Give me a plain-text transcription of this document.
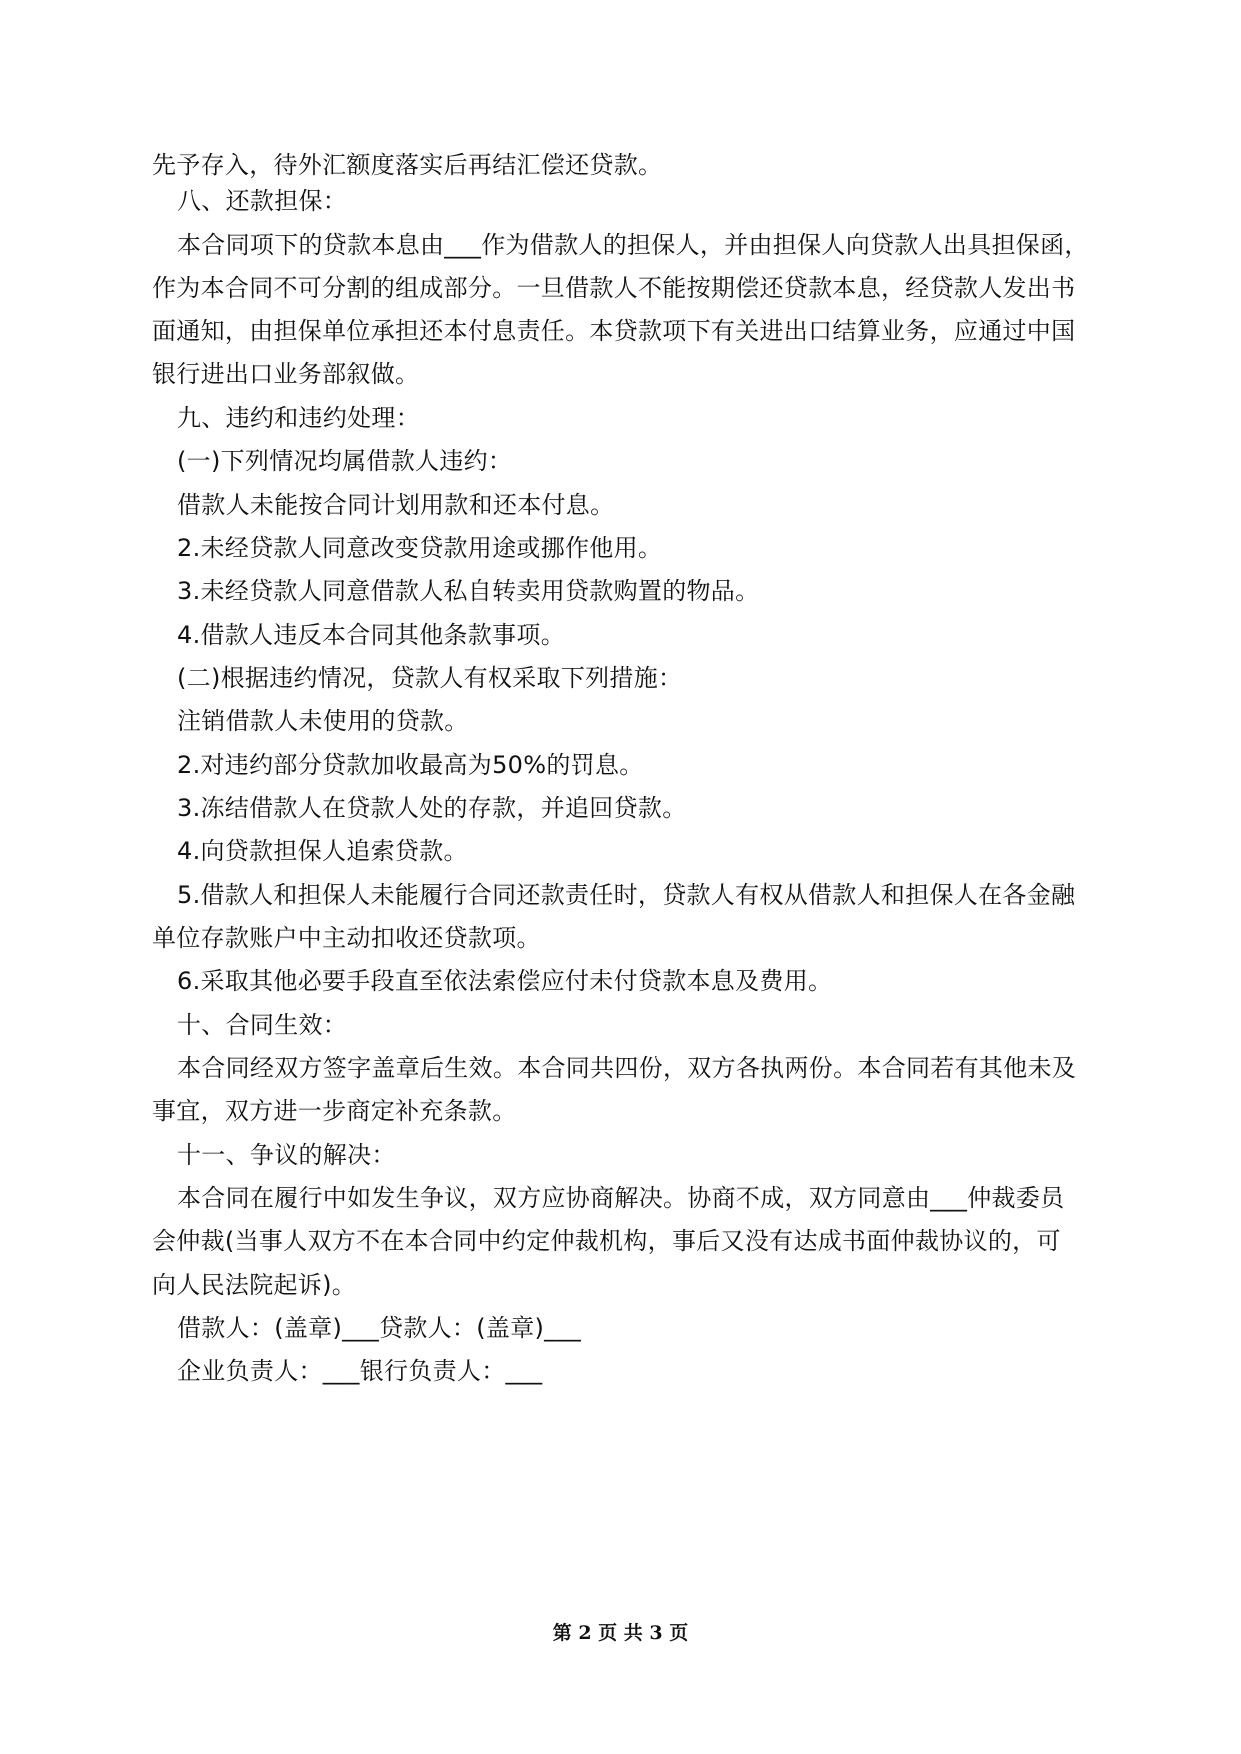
先予存入，待外汇额度落实后再结汇偿还贷款。
八、还款担保：
本合同项下的贷款本息由___作为借款人的担保人，并由担保人向贷款人出具担保函，
作为本合同不可分割的组成部分。一旦借款人不能按期偿还贷款本息，经贷款人发出书
面通知，由担保单位承担还本付息责任。本贷款项下有关进出口结算业务，应通过中国
银行进出口业务部叙做。
九、违约和违约处理：
(一)下列情况均属借款人违约：
借款人未能按合同计划用款和还本付息。
2.未经贷款人同意改变贷款用途或挪作他用。
3.未经贷款人同意借款人私自转卖用贷款购置的物品。
4.借款人违反本合同其他条款事项。
(二)根据违约情况，贷款人有权采取下列措施：
注销借款人未使用的贷款。
2.对违约部分贷款加收最高为50%的罚息。
3.冻结借款人在贷款人处的存款，并追回贷款。
4.向贷款担保人追索贷款。
5.借款人和担保人未能履行合同还款责任时，贷款人有权从借款人和担保人在各金融
单位存款账户中主动扣收还贷款项。
6.采取其他必要手段直至依法索偿应付未付贷款本息及费用。
十、合同生效：
本合同经双方签字盖章后生效。本合同共四份，双方各执两份。本合同若有其他未及
事宜，双方进一步商定补充条款。
十一、争议的解决：
本合同在履行中如发生争议，双方应协商解决。协商不成，双方同意由___仲裁委员
会仲裁(当事人双方不在本合同中约定仲裁机构，事后又没有达成书面仲裁协议的，可
向人民法院起诉)。
借款人：(盖章)___贷款人：(盖章)___
企业负责人：___银行负责人：___
第 2 页 共 3 页
